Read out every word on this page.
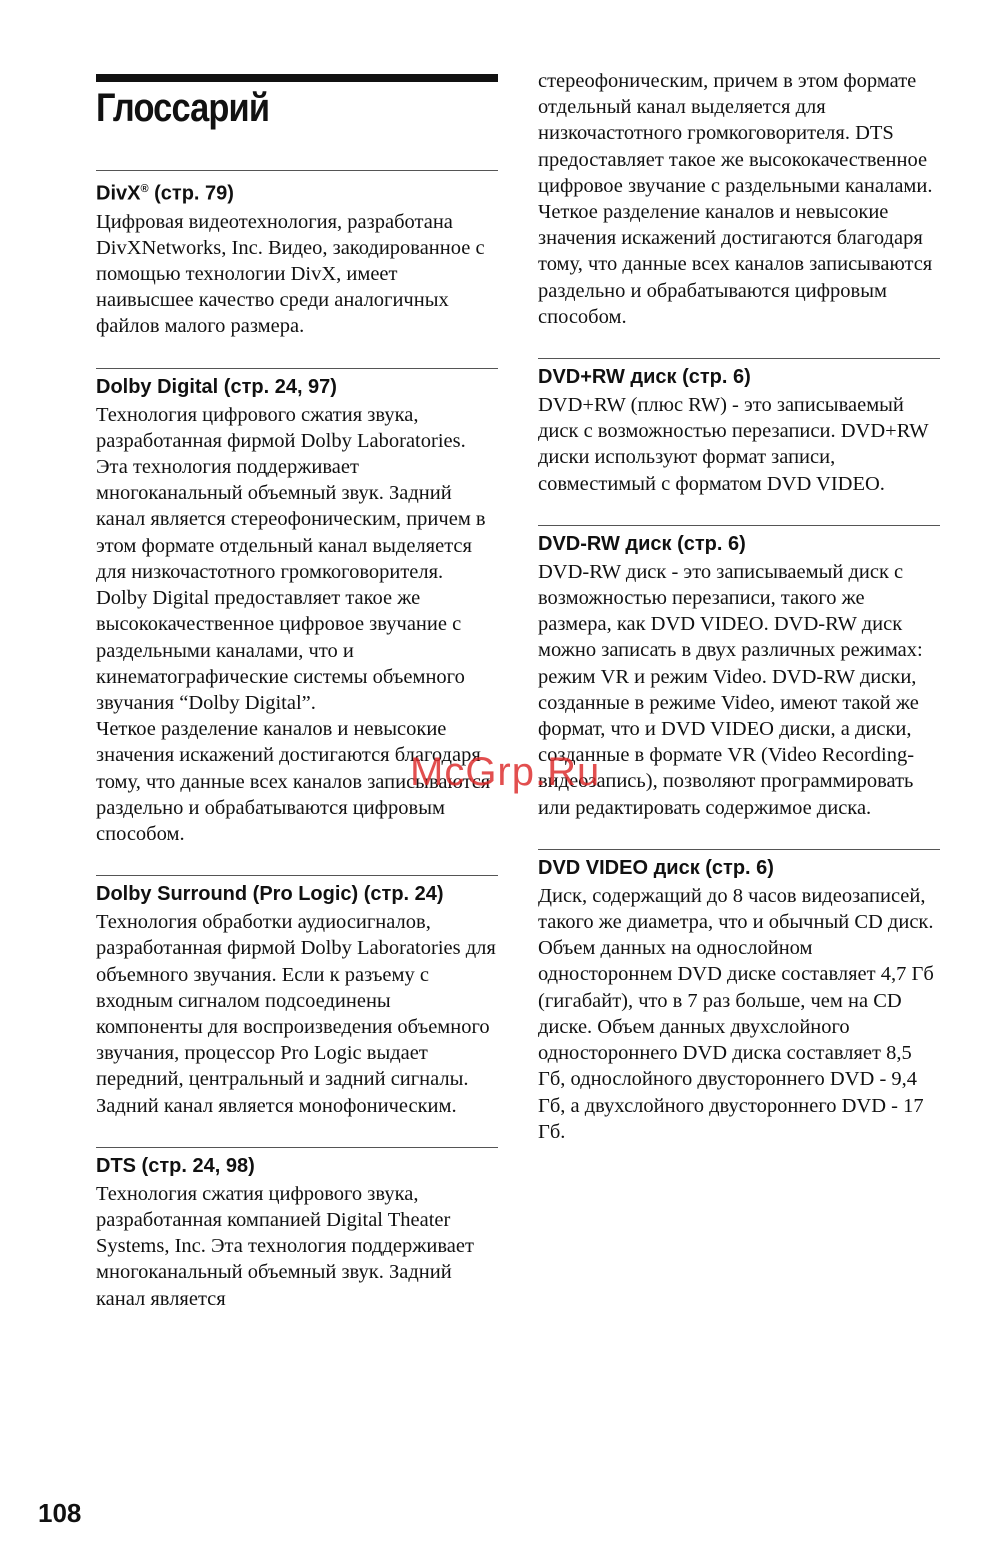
Глоссарий

DivX® (стр. 79)

Цифровая видеотехнология, разработана DivXNetworks, Inc. Видео, закодированное с помощью технологии DivX, имеет наивысшее качество среди аналогичных файлов малого размера.

Dolby Digital (стр. 24, 97)

Технология цифрового сжатия звука, разработанная фирмой Dolby Laboratories. Эта технология поддерживает многоканальный объемный звук. Задний канал является стереофоническим, причем в этом формате отдельный канал выделяется для низкочастотного громкоговорителя. Dolby Digital предоставляет такое же высококачественное цифровое звучание с раздельными каналами, что и кинематографические системы объемного звучания “Dolby Digital”.

Четкое разделение каналов и невысокие значения искажений достигаются благодаря тому, что данные всех каналов записываются раздельно и обрабатываются цифровым способом.

Dolby Surround (Pro Logic) (стр. 24)

Технология обработки аудиосигналов, разработанная фирмой Dolby Laboratories для объемного звучания. Если к разъему с входным сигналом подсоединены компоненты для воспроизведения объемного звучания, процессор Pro Logic выдает передний, центральный и задний сигналы. Задний канал является монофоническим.

DTS (стр. 24, 98)

Технология сжатия цифрового звука, разработанная компанией Digital Theater Systems, Inc. Эта технология поддерживает многоканальный объемный звук. Задний канал является

стереофоническим, причем в этом формате отдельный канал выделяется для низкочастотного громкоговорителя. DTS предоставляет такое же высококачественное цифровое звучание с раздельными каналами.

Четкое разделение каналов и невысокие значения искажений достигаются благодаря тому, что данные всех каналов записываются раздельно и обрабатываются цифровым способом.

DVD+RW диск (стр. 6)

DVD+RW (плюс RW) - это записываемый диск с возможностью перезаписи. DVD+RW диски используют формат записи, совместимый с форматом DVD VIDEO.

DVD-RW диск (стр. 6)

DVD-RW диск - это записываемый диск с возможностью перезаписи, такого же размера, как DVD VIDEO. DVD-RW диск можно записать в двух различных режимах: режим VR и режим Video. DVD-RW диски, созданные в режиме Video, имеют такой же формат, что и DVD VIDEO диски, а диски, созданные в формате VR (Video Recording- видеозапись), позволяют программировать или редактировать содержимое диска.

DVD VIDEO диск (стр. 6)

Диск, содержащий до 8 часов видеозаписей, такого же диаметра, что и обычный CD диск.

Объем данных на однослойном одностороннем DVD диске составляет 4,7 Гб (гигабайт), что в 7 раз больше, чем на CD диске. Объем данных двухслойного одностороннего DVD диска составляет 8,5 Гб, однослойного двустороннего DVD - 9,4 Гб, а двухслойного двустороннего DVD - 17 Гб.

McGrp.Ru
108
